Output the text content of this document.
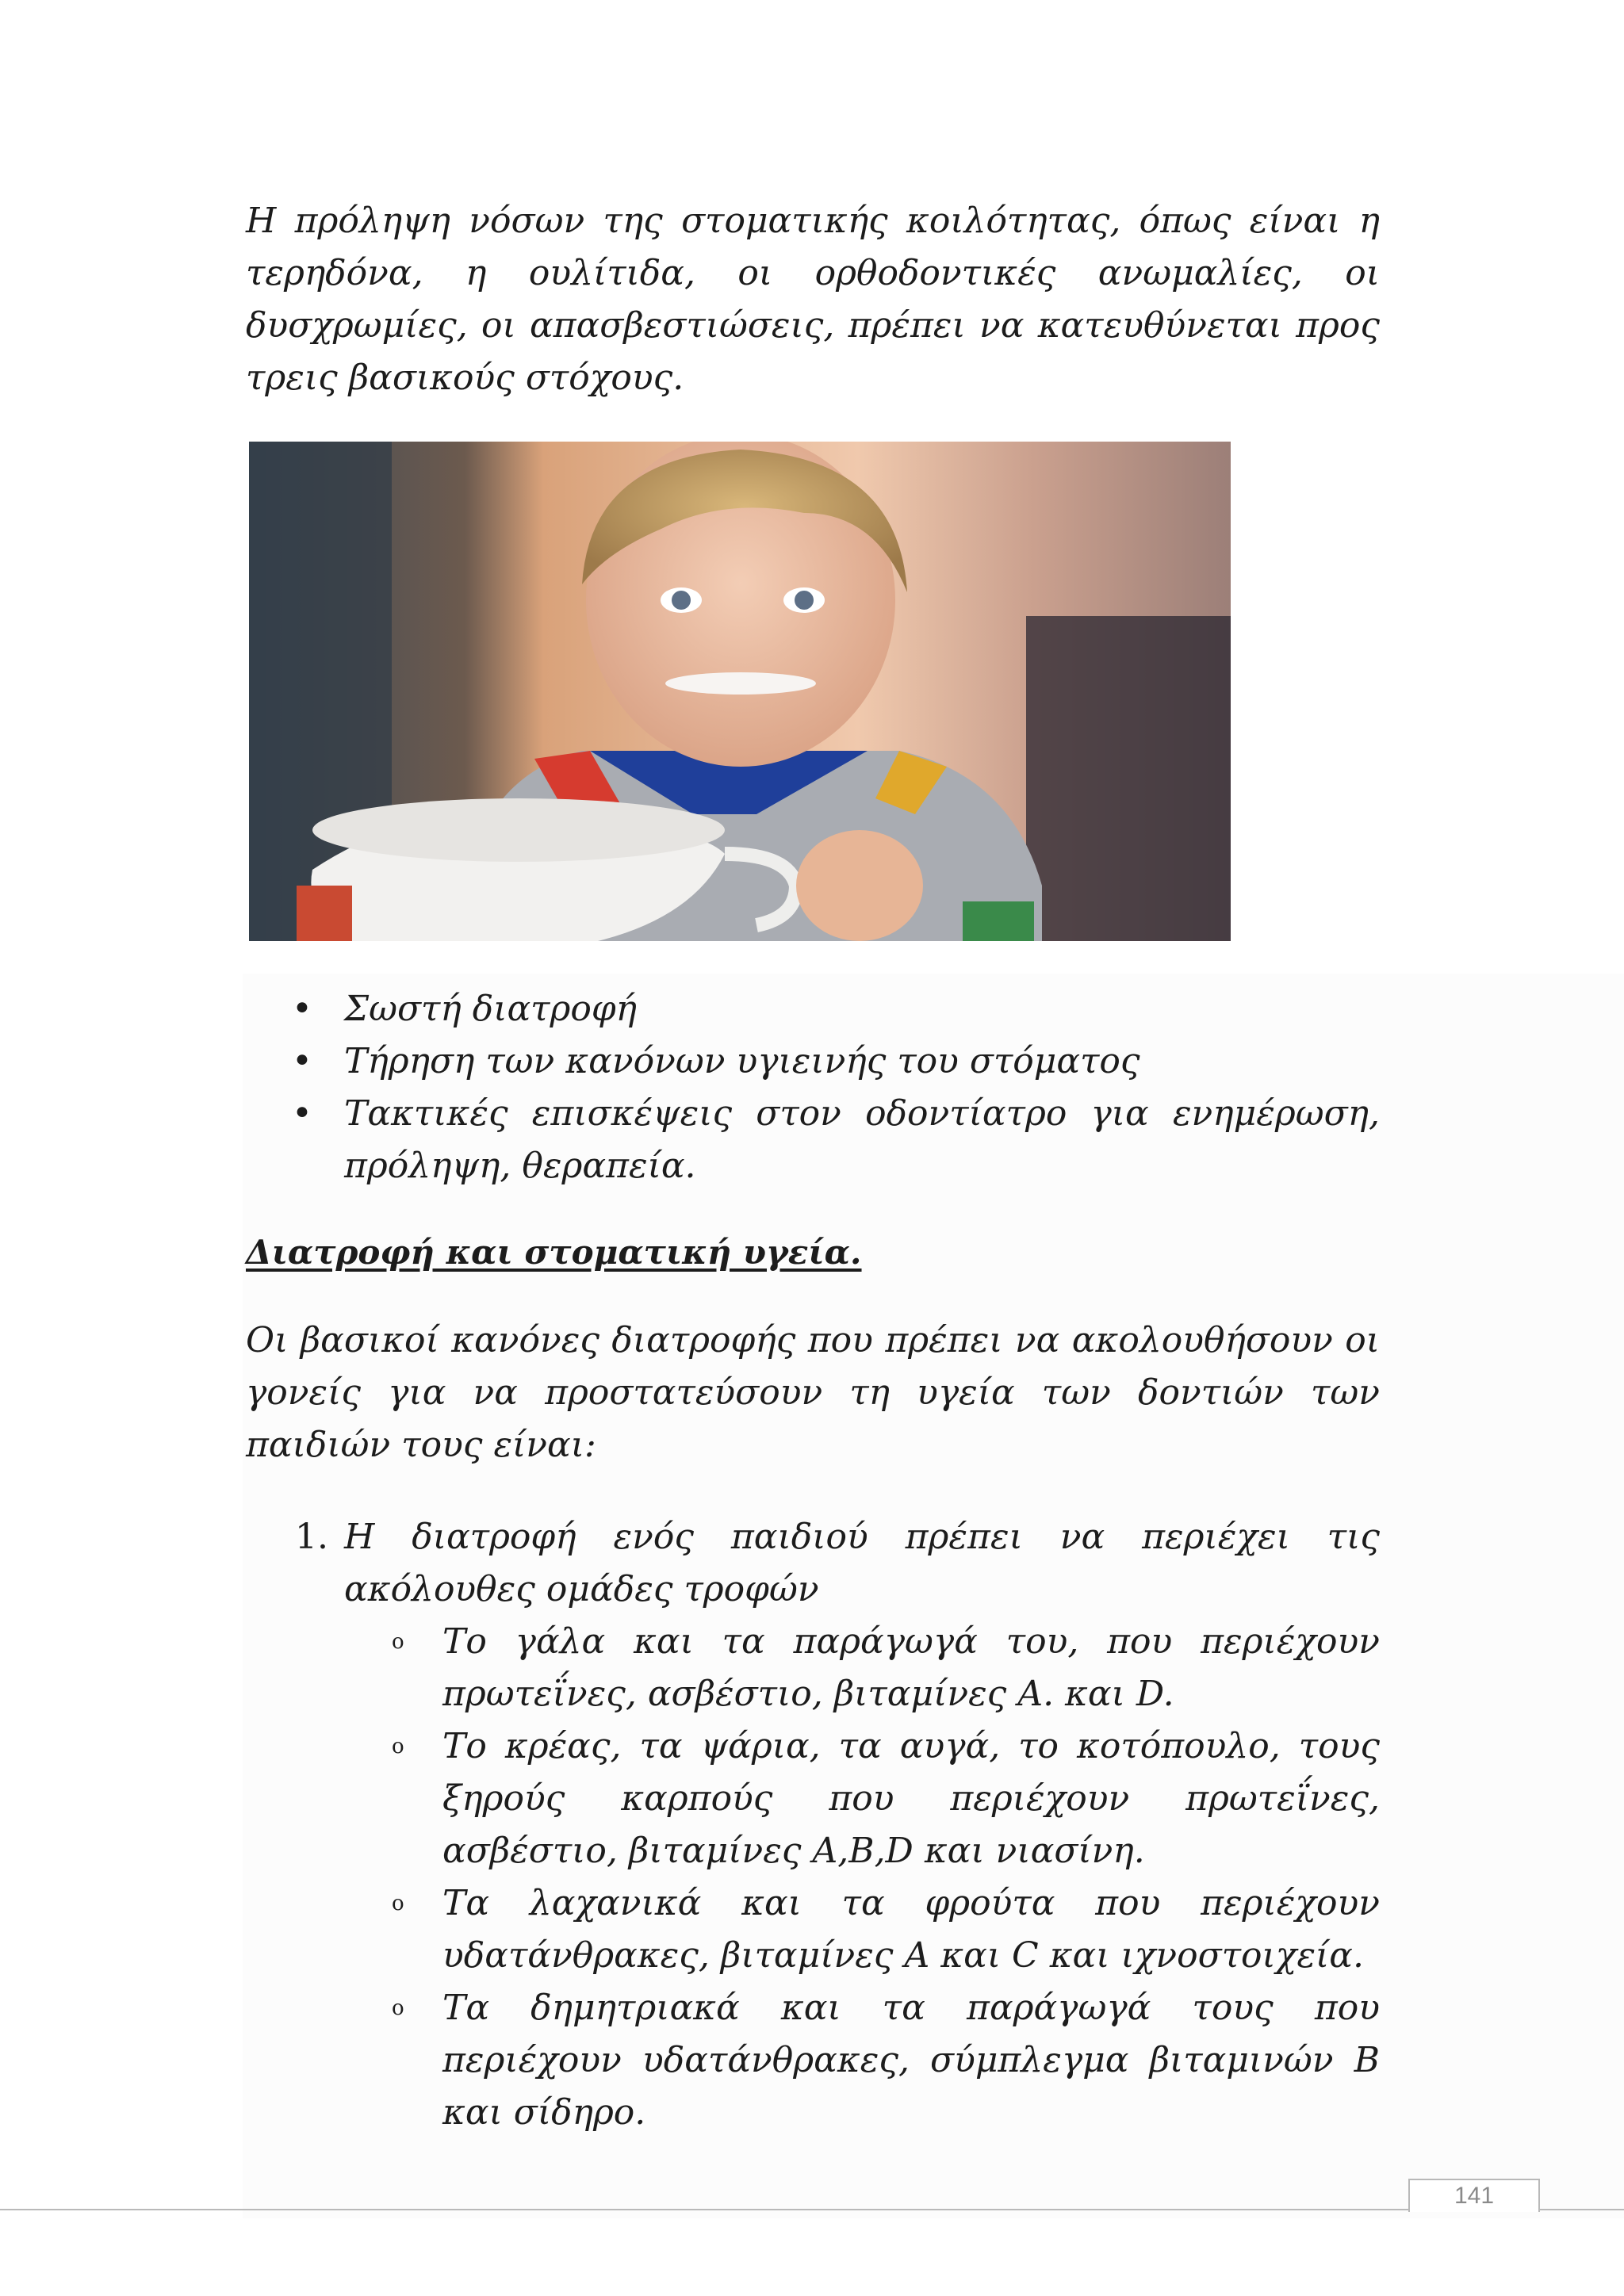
Η πρόληψη νόσων της στοματικής κοιλότητας, όπως είναι η τερηδόνα, η ουλίτιδα, οι ορθοδοντικές ανωμαλίες, οι δυσχρωμίες, οι απασβεστιώσεις, πρέπει να κατευθύνεται προς τρεις βασικούς στόχους.

• Σωστή διατροφή
• Τήρηση των κανόνων υγιεινής του στόματος
• Τακτικές επισκέψεις στον οδοντίατρο για ενημέρωση, πρόληψη, θεραπεία.
Διατροφή και στοματική υγεία.

Οι βασικοί κανόνες διατροφής που πρέπει να ακολουθήσουν οι γονείς για να προστατεύσουν τη υγεία των δοντιών των παιδιών τους είναι:

1. Η διατροφή ενός παιδιού πρέπει να περιέχει τις ακόλουθες ομάδες τροφών
o Το γάλα και τα παράγωγά του, που περιέχουν πρωτεΐνες, ασβέστιο, βιταμίνες Α. και D.
o Το κρέας, τα ψάρια, τα αυγά, το κοτόπουλο, τους ξηρούς καρπούς που περιέχουν πρωτεΐνες, ασβέστιο, βιταμίνες Α,Β,D και νιασίνη.
o Τα λαχανικά και τα φρούτα που περιέχουν υδατάνθρακες, βιταμίνες Α και C και ιχνοστοιχεία.
o Τα δημητριακά και τα παράγωγά τους που περιέχουν υδατάνθρακες, σύμπλεγμα βιταμινών Β και σίδηρο.
141
